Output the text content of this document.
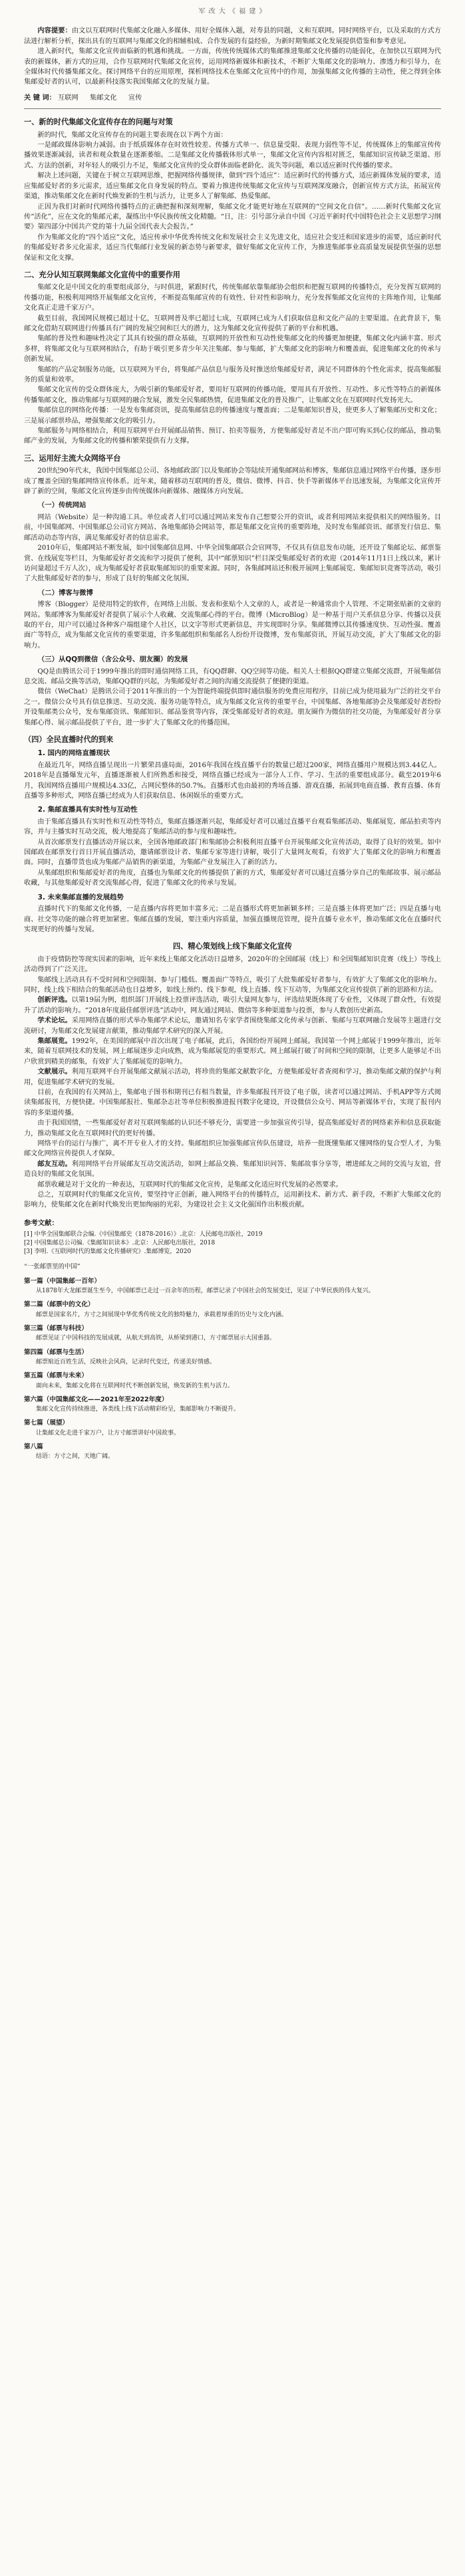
军 改 大 《 福 建 》

内容提要：由文以互联网时代集邮文化融入多媒体、用好全媒体入题，对寿县的同题，义和互联网。同时网络平台，以及采取的方式方法进行解析分析，探出具有的互联网与集邮文化的相辅相成、合作发展的有益经验，为新时期集邮文化发展提供借鉴和参考意见。

进入新时代，集邮文化宣传面临新的机遇和挑战。一方面，传统传统媒体式的集邮推进集邮文化传播的功能弱化，在加快以互联网为代表的新媒体，新方式的应用，合作互联网时代集邮文化宣传，运用网络新媒体和新技术，不断扩大集邮文化的影响力、渗透力和引导力，在全媒体时代传播集邮文化。探讨网络平台的应用原理，探析网络技术在集邮文化宣传中的作用，加强集邮文化传播的主动性，使之得到全体集邮爱好者的认可，以最新科技落实我国集邮文化的发展力量。

关 键 词： 互联网 集邮文化 宣传
一、新的时代集邮文化宣传存在的问题与对策

新的时代，集邮文化宣传存在的问题主要表现在以下两个方面：

一是邮政媒体影响力减弱。由于纸质媒体存在时效性较差、传播方式单一、信息量受限、表现力弱性等不足，传统媒体上的集邮宣传传播效果逐渐减弱，读者和观众数量在逐渐萎缩。二是集邮文化传播载体形式单一，集邮文化宣传内容相对匮乏，集邮知识宣传缺乏渠道、形式、方法的创新，对年轻人的吸引力不足，集邮文化宣传的受众群体面临老龄化、流失等问题，难以适应新时代传播的要求。

解决上述问题，关键在于树立互联网思维，把握网络传播规律，做到“四个适应”：适应新时代的传播方式，适应新媒体发展的要求，适应集邮爱好者的多元需求，适应集邮文化自身发展的特点。要着力推进传统集邮文化宣传与互联网深度融合，创新宣传方式方法，拓展宣传渠道，推动集邮文化在新时代焕发新的生机与活力，让更多人了解集邮、热爱集邮。

正因为我们对新时代网络传播特点的正确把握和深刻理解，集邮文化才能更好地在互联网的“空间文化自信”。……新时代集邮文化宣传“活化”，应在文化的集邮元素，凝练出中华民族传统文化精髓。“日，注：引号部分录自中国《习近平新时代中国特色社会主义思想学习纲要》第四部分中国共产党的第十九届全国代表大会报告。”

作为集邮文化的“四个适应”文化，适应传承中华优秀传统文化和发展社会主义先进文化，适应社会变迁和国家进步的需要，适应新时代的集邮爱好者多元化需求，适应当代集邮行业发展的新态势与新要求，做好集邮文化宣传工作，为推进集邮事业高质量发展提供坚强的思想保证和文化支撑。

二、充分认知互联网集邮文化宣传中的重要作用

集邮文化是中国文化的重要组成部分，与时俱进，紧跟时代，传统集邮依靠集邮协会组织和把握互联网的传播特点，充分发挥互联网的传播功能，积极利用网络开展集邮文化宣传，不断提高集邮宣传的有效性、针对性和影响力，充分发挥集邮文化宣传的主阵地作用，让集邮文化真正走进千家万户。

截至目前，我国网民规模已超过十亿，互联网普及率已超过七成，互联网已成为人们获取信息和文化产品的主要渠道。在此背景下，集邮文化借助互联网进行传播具有广阔的发展空间和巨大的潜力，这为集邮文化宣传提供了新的平台和机遇。

集邮的普及性和趣味性决定了其具有较强的群众基础，互联网的开放性和互动性使集邮文化的传播更加便捷，集邮文化内涵丰富、形式多样，将集邮文化与互联网相结合，有助于吸引更多青少年关注集邮、参与集邮，扩大集邮文化的影响力和覆盖面，促进集邮文化的传承与创新发展。

集邮的产品定制服务功能，以互联网为平台，将集邮产品信息与服务及时推送给集邮爱好者，满足不同群体的个性化需求，提高集邮服务的质量和效率。

集邮文化宣传的受众群体庞大，为吸引新的集邮爱好者，要用好互联网的传播功能，要用具有开放性、互动性、多元性等特点的新媒体传播集邮文化，推动集邮与互联网的融合发展，激发全民集邮热情，促进集邮文化的普及推广，让集邮文化在互联网时代发扬光大。

集邮信息的网络化传播：一是发布集邮资讯，提高集邮信息的传播速度与覆盖面；二是集邮知识普及，使更多人了解集邮历史和文化；三是展示邮票珍品，增强集邮文化的吸引力。

集邮服务与网络相结合，利用互联网平台开展邮品销售、预订、拍卖等服务，方便集邮爱好者足不出户即可购买到心仪的邮品，推动集邮产业的发展，为集邮文化的传播和繁荣提供有力支撑。

三、运用好主流大众网络平台

20世纪90年代末，我国中国集邮总公司、各地邮政部门以及集邮协会等陆续开通集邮网站和博客，集邮信息通过网络平台传播，逐步形成了覆盖全国的集邮网络宣传体系。近年来，随着移动互联网的普及，微信、微博、抖音、快手等新媒体平台迅速发展，为集邮文化宣传开辟了新的空间，集邮文化宣传逐步由传统媒体向新媒体、融媒体方向发展。

（一）传统网站

网站（Website）是一种沟通工具。单位或者人们可以通过网站来发布自己想要公开的资讯，或者利用网站来提供相关的网络服务。目前，中国集邮网、中国集邮总公司官方网站、各地集邮协会网站等，都是集邮文化宣传的重要阵地，及时发布集邮资讯、邮票发行信息、集邮活动动态等内容，满足集邮爱好者的信息需求。

2010年后，集邮网站不断发展，如中国集邮信息网、中华全国集邮联合会官网等，不仅具有信息发布功能，还开设了集邮论坛、邮票鉴赏、在线展览等栏目，为集邮爱好者交流和学习提供了便利，其中“邮票知识”栏目深受集邮爱好者的欢迎（2014年11月1日上线以来，累计访问量超过千万人次），成为集邮爱好者获取集邮知识的重要来源。同时，各集邮网站还积极开展网上集邮展览、集邮知识竞赛等活动，吸引了大批集邮爱好者的参与，形成了良好的集邮文化氛围。

（二）博客与微博

博客（Blogger）是使用特定的软件，在网络上出版、发表和张贴个人文章的人，或者是一种通常由个人管理、不定期张贴新的文章的网站。集邮博客为集邮爱好者提供了展示个人收藏、交流集邮心得的平台。微博（MicroBlog）是一种基于用户关系信息分享、传播以及获取的平台，用户可以通过各种客户端组建个人社区，以文字等形式更新信息，并实现即时分享。集邮微博以其传播速度快、互动性强、覆盖面广等特点，成为集邮文化宣传的重要渠道，许多集邮组织和集邮名人纷纷开设微博，发布集邮资讯，开展互动交流，扩大了集邮文化的影响力。

（三）从QQ到微信（含公众号、朋友圈）的发展

QQ是由腾讯公司于1999年推出的即时通信网络工具，有QQ群聊、QQ空间等功能。相关人士根据QQ群建立集邮交流群，开展集邮信息交流、邮品交换等活动，集邮QQ群的兴起，为集邮爱好者之间的沟通交流提供了便捷的渠道。

微信（WeChat）是腾讯公司于2011年推出的一个为智能终端提供即时通信服务的免费应用程序，目前已成为使用最为广泛的社交平台之一。微信公众号具有信息推送、互动交流、服务功能等特点，成为集邮文化宣传的重要平台，中国集邮、各地集邮协会及集邮爱好者纷纷开设集邮类公众号，发布集邮资讯、集邮知识、邮品鉴赏等内容，深受集邮爱好者的欢迎。朋友圈作为微信的社交功能，为集邮爱好者分享集邮心得、展示邮品提供了平台，进一步扩大了集邮文化的传播范围。

（四）全民直播时代的到来
1. 国内的网络直播现状

在最近几年，网络直播呈现出一片繁荣昌盛局面，2016年我国在线直播平台的数量已超过200家，网络直播用户规模达到3.44亿人。2018年是直播爆发元年，直播逐渐被人们所熟悉和接受，网络直播已经成为一部分人工作、学习、生活的重要组成部分。截至2019年6月，我国网络直播用户规模达4.33亿，占网民整体的50.7%。直播形式也由最初的秀场直播、游戏直播，拓展到电商直播、教育直播、体育直播等多种形式，网络直播已经成为人们获取信息、休闲娱乐的重要方式。

2. 集邮直播具有实时性与互动性

由于集邮直播具有实时性和互动性等特点，集邮直播逐渐兴起，集邮爱好者可以通过直播平台观看集邮活动、集邮展览、邮品拍卖等内容，并与主播实时互动交流，极大地提高了集邮活动的参与度和趣味性。

从首次邮票发行直播活动开展以来，全国各地邮政部门和集邮协会积极利用直播平台开展集邮文化宣传活动，取得了良好的效果。如中国邮政在邮票发行首日开展直播活动，邀请邮票设计者、集邮专家等进行讲解，吸引了大量网友观看，有效扩大了集邮文化的影响力和覆盖面。同时，直播带货也成为集邮产品销售的新渠道，为集邮产业发展注入了新的活力。

从集邮组织和集邮爱好者的角度，直播也为集邮文化的传播提供了新的方式，集邮爱好者可以通过直播分享自己的集邮故事、展示邮品收藏，与其他集邮爱好者交流集邮心得，促进了集邮文化的传承与发展。

3. 未来集邮直播的发展趋势

直播时代下的集邮文化传播，一是直播内容将更加丰富多元；二是直播形式将更加新颖多样；三是直播主体将更加广泛；四是直播与电商、社交等功能的融合将更加紧密。集邮直播的发展，要注重内容质量，加强直播规范管理，提升直播专业水平，推动集邮文化在直播时代实现更好的传播与发展。

四、精心策划线上线下集邮文化宣传

由于疫情防控等现实因素的影响，近年来线上集邮文化活动日益增多，2020年的全国邮展（线上）和全国集邮知识竞赛（线上）等线上活动得到了广泛关注。

集邮线上活动具有不受时间和空间限制、参与门槛低、覆盖面广等特点，吸引了大批集邮爱好者参与，有效扩大了集邮文化的影响力。同时，线上线下相结合的集邮活动也日益增多，如线上预约、线下参观，线上直播、线下互动等，为集邮文化宣传提供了新的思路和方法。

创新评选。以第19届为例，组织部门开展线上投票评选活动，吸引大量网友参与，评选结果既体现了专业性，又体现了群众性，有效提升了活动的影响力。“2018年度最佳邮票评选”活动中，网友通过网站、微信等多种渠道参与投票，参与人数创历史新高。

学术论坛。采用网络直播的形式举办集邮学术论坛，邀请知名专家学者围绕集邮文化传承与创新、集邮与互联网融合发展等主题进行交流研讨，为集邮文化发展建言献策，推动集邮学术研究的深入开展。

集邮展览。1992年，在美国的邮展中首次出现了电子邮展，此后，各国纷纷开展网上邮展。我国第一个网上邮展于1999年推出，近年来，随着互联网技术的发展，网上邮展逐步走向成熟，成为集邮展览的重要形式。网上邮展打破了时间和空间的限制，让更多人能够足不出户欣赏到精美的邮集，有效扩大了集邮展览的影响力。

文献展示。利用互联网平台开展集邮文献展示活动，将珍贵的集邮文献数字化，方便集邮爱好者查阅和学习，推动集邮文献的保护与利用，促进集邮学术研究的发展。

目前，在我国的有关网站上，集邮电子图书和期刊已有相当数量，许多集邮报刊开设了电子版，读者可以通过网站、手机APP等方式阅读集邮报刊，方便快捷。中国集邮报社、集邮杂志社等单位积极推进报刊数字化建设，开设微信公众号、网站等新媒体平台，实现了报刊内容的多渠道传播。

由于我国国情，一些集邮爱好者对互联网集邮的认识还不够充分，需要进一步加强宣传引导，提高集邮爱好者的网络素养和信息获取能力，推动集邮文化在互联网时代的更好传播。

网络平台的运行与推广，离不开专业人才的支持。集邮组织应加强集邮宣传队伍建设，培养一批既懂集邮又懂网络的复合型人才，为集邮文化网络宣传提供人才保障。

邮友互动。利用网络平台开展邮友互动交流活动，如网上邮品交换、集邮知识问答、集邮故事分享等，增进邮友之间的交流与友谊，营造良好的集邮文化氛围。

邮票收藏是对于文化的一种表达，互联网时代的集邮文化宣传，是集邮文化适应时代发展的必然要求。

总之，互联网时代的集邮文化宣传，要坚持守正创新，融入网络平台的传播特点，运用新技术、新方式、新手段，不断扩大集邮文化的影响力，使集邮文化在新时代焕发出更加绚丽的光彩，为建设社会主义文化强国作出积极贡献。

参考文献：
[1] 中华全国集邮联合会编.《中国集邮史（1878-2016）》.北京：人民邮电出版社，2019
[2] 中国集邮总公司编.《集邮知识读本》.北京：人民邮电出版社，2018
[3] 李明.《互联网时代的集邮文化传播研究》.集邮博览，2020
“一张邮票里的中国”
第一篇（中国集邮一百年）

从1878年大龙邮票诞生至今，中国邮票已走过一百余年的历程，邮票记录了中国社会的发展变迁，见证了中华民族的伟大复兴。

第二篇（邮票中的文化）

邮票是国家名片，方寸之间展现中华优秀传统文化的独特魅力，承载着厚重的历史与文化内涵。

第三篇（邮票与科技）

邮票见证了中国科技的发展成就，从航天到高铁，从桥梁到港口，方寸邮票展示大国重器。

第四篇（邮票与生活）

邮票贴近百姓生活，反映社会风尚，记录时代变迁，传递美好情感。

第五篇（邮票与未来）

面向未来，集邮文化将在互联网时代不断创新发展，焕发新的生机与活力。

第六篇（中国集邮文化——2021年至2022年度）

集邮文化宣传持续推进，各类线上线下活动精彩纷呈，集邮影响力不断提升。

第七篇（展望）

让集邮文化走进千家万户，让方寸邮票讲好中国故事。

第八篇

结语：方寸之间，天地广阔。
